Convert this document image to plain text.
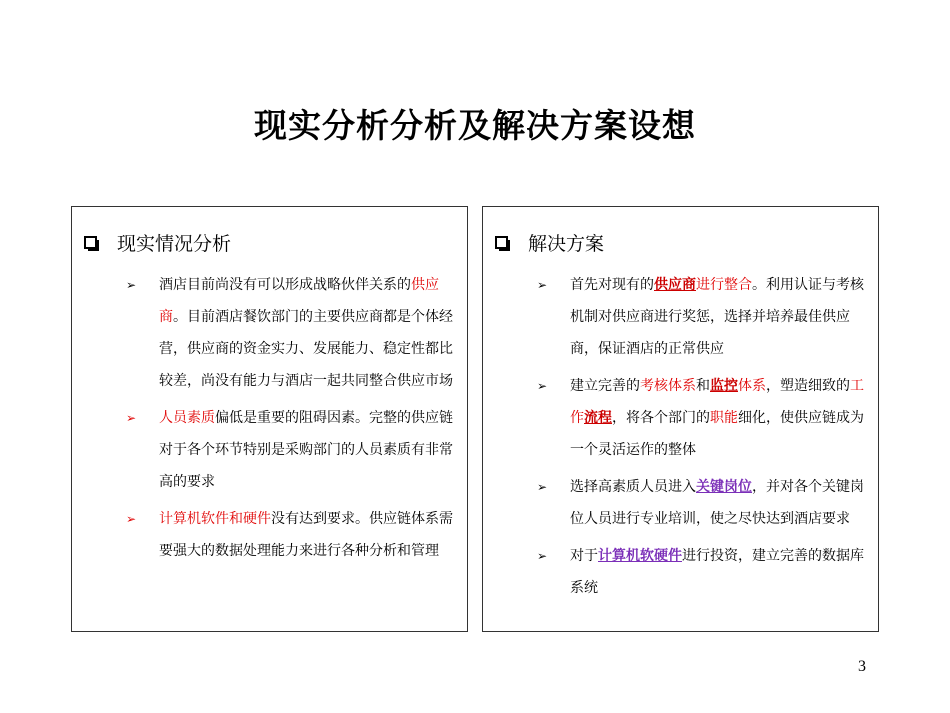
现实分析分析及解决方案设想
现实情况分析
➢ 酒店目前尚没有可以形成战略伙伴关系的供应商。目前酒店餐饮部门的主要供应商都是个体经营，供应商的资金实力、发展能力、稳定性都比较差，尚没有能力与酒店一起共同整合供应市场
➢ 人员素质偏低是重要的阻碍因素。完整的供应链对于各个环节特别是采购部门的人员素质有非常高的要求
➢ 计算机软件和硬件没有达到要求。供应链体系需要强大的数据处理能力来进行各种分析和管理
解决方案
➢ 首先对现有的供应商进行整合。利用认证与考核机制对供应商进行奖惩，选择并培养最佳供应商，保证酒店的正常供应
➢ 建立完善的考核体系和监控体系，塑造细致的工作流程，将各个部门的职能细化，使供应链成为一个灵活运作的整体
➢ 选择高素质人员进入关键岗位，并对各个关键岗位人员进行专业培训，使之尽快达到酒店要求
➢ 对于计算机软硬件进行投资，建立完善的数据库系统
3
